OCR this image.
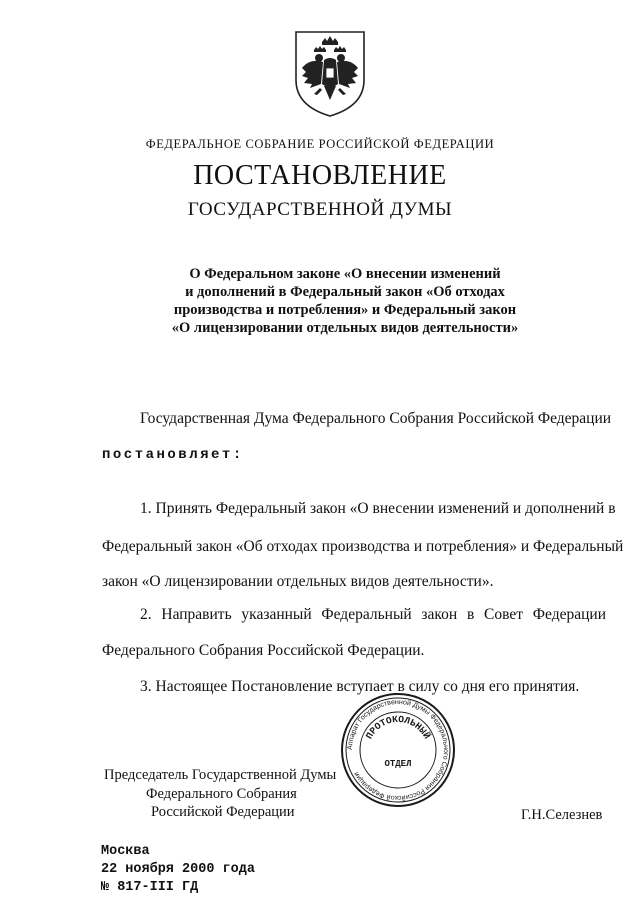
ФЕДЕРАЛЬНОЕ СОБРАНИЕ РОССИЙСКОЙ ФЕДЕРАЦИИ
ПОСТАНОВЛЕНИЕ
ГОСУДАРСТВЕННОЙ ДУМЫ
О Федеральном законе «О внесении изменений
и дополнений в Федеральный закон «Об отходах
производства и потребления» и Федеральный закон
«О лицензировании отдельных видов деятельности»
Государственная Дума Федерального Собрания Российской Федерации
постановляет:
1. Принять Федеральный закон «О внесении изменений и дополнений в
Федеральный закон «Об отходах производства и потребления» и Федеральный
закон «О лицензировании отдельных видов деятельности».
2. Направить указанный Федеральный закон в Совет Федерации
Федерального Собрания Российской Федерации.
3. Настоящее Постановление вступает в силу со дня его принятия.
Аппарат Государственной Думы Федерального Собрания Российской Федерации
ПРОТОКОЛЬНЫЙ
ОТДЕЛ
Председатель Государственной Думы
Федерального Собрания
Российской Федерации	Г.Н.Селезнев
Москва
22 ноября 2000 года
№ 817-III ГД
